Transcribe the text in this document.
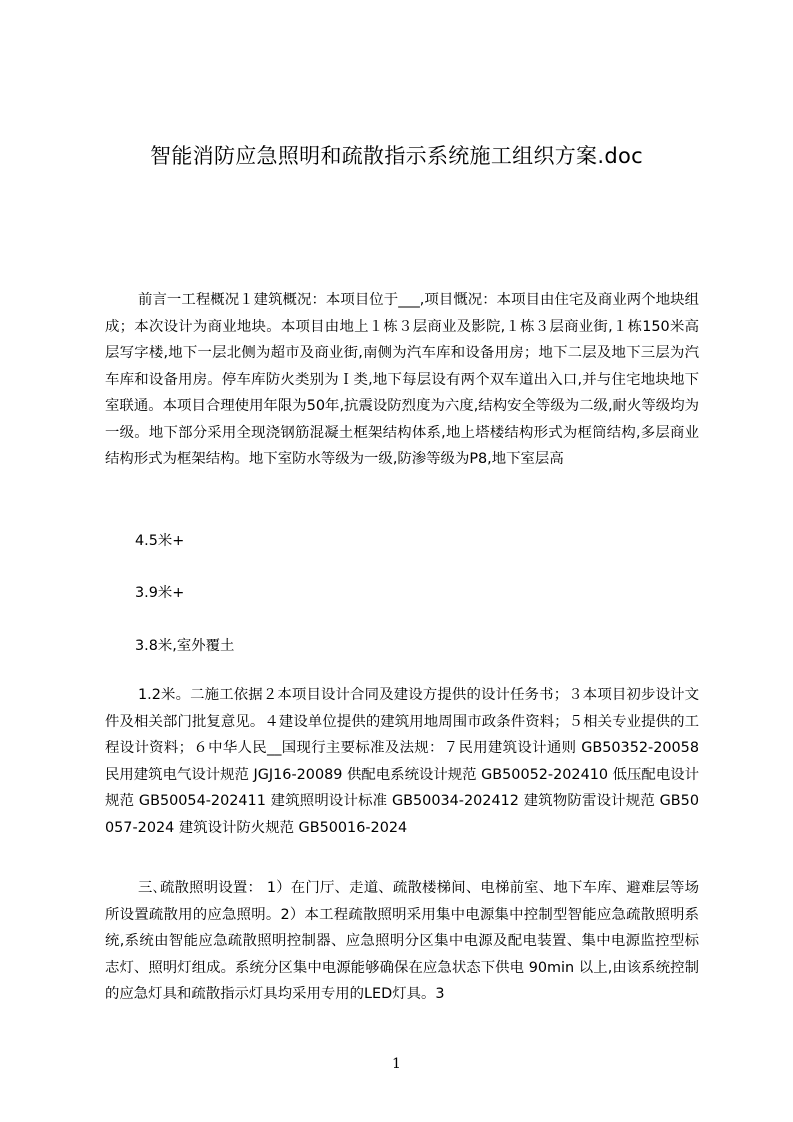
智能消防应急照明和疏散指示系统施工组织方案.doc

前言一工程概况１建筑概况：本项目位于___,项目慨况：本项目由住宅及商业两个地块组成；本次设计为商业地块。本项目由地上１栋３层商业及影院,１栋３层商业街,１栋150米高层写字楼,地下一层北侧为超市及商业街,南侧为汽车库和设备用房；地下二层及地下三层为汽车库和设备用房。停车库防火类别为Ｉ类,地下每层设有两个双车道出入口,并与住宅地块地下室联通。本项目合理使用年限为50年,抗震设防烈度为六度,结构安全等级为二级,耐火等级均为一级。地下部分采用全现浇钢筋混凝土框架结构体系,地上塔楼结构形式为框筒结构,多层商业结构形式为框架结构。地下室防水等级为一级,防渗等级为P8,地下室层高

4.5米+

3.9米+

3.8米,室外覆土

1.2米。二施工依据２本项目设计合同及建设方提供的设计任务书；３本项目初步设计文件及相关部门批复意见。４建设单位提供的建筑用地周围市政条件资料；５相关专业提供的工程设计资料；６中华人民__国现行主要标准及法规：７民用建筑设计通则 GB50352-20058 民用建筑电气设计规范 JGJ16-20089 供配电系统设计规范 GB50052-202410 低压配电设计规范 GB50054-202411 建筑照明设计标准 GB50034-202412 建筑物防雷设计规范 GB50057-2024 建筑设计防火规范 GB50016-2024

三､疏散照明设置： 1）在门厅、走道、疏散楼梯间、电梯前室、地下车库、避难层等场所设置疏散用的应急照明。2）本工程疏散照明采用集中电源集中控制型智能应急疏散照明系统,系统由智能应急疏散照明控制器、应急照明分区集中电源及配电装置、集中电源监控型标志灯、照明灯组成。系统分区集中电源能够确保在应急状态下供电 90min 以上,由该系统控制的应急灯具和疏散指示灯具均采用专用的LED灯具。3

1
